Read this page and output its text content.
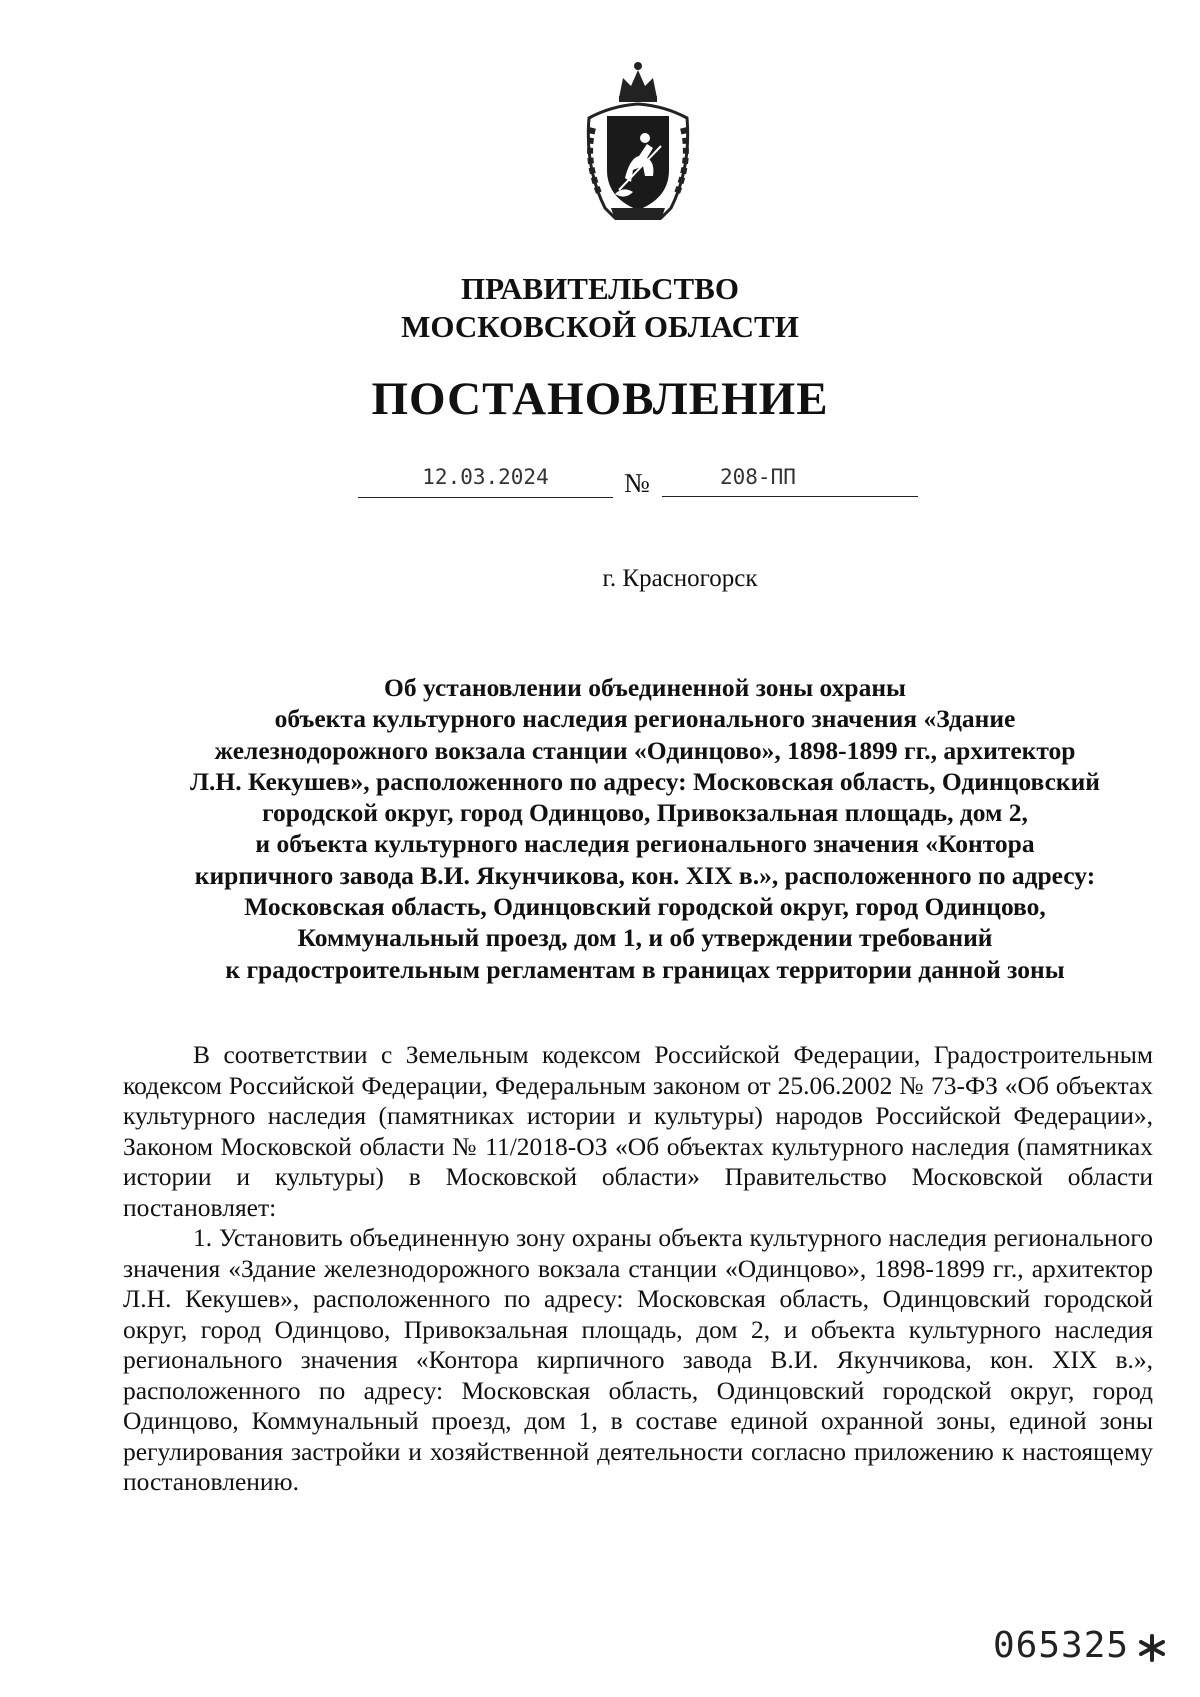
ПРАВИТЕЛЬСТВО
МОСКОВСКОЙ ОБЛАСТИ
ПОСТАНОВЛЕНИЕ
12.03.2024	№	208-ПП
г. Красногорск
Об установлении объединенной зоны охраны
объекта культурного наследия регионального значения «Здание
железнодорожного вокзала станции «Одинцово», 1898-1899 гг., архитектор
Л.Н. Кекушев», расположенного по адресу: Московская область, Одинцовский
городской округ, город Одинцово, Привокзальная площадь, дом 2,
и объекта культурного наследия регионального значения «Контора
кирпичного завода В.И. Якунчикова, кон. XIX в.», расположенного по адресу:
Московская область, Одинцовский городской округ, город Одинцово,
Коммунальный проезд, дом 1, и об утверждении требований
к градостроительным регламентам в границах территории данной зоны

В соответствии с Земельным кодексом Российской Федерации, Градостроительным кодексом Российской Федерации, Федеральным законом от 25.06.2002 № 73-ФЗ «Об объектах культурного наследия (памятниках истории и культуры) народов Российской Федерации», Законом Московской области № 11/2018-ОЗ «Об объектах культурного наследия (памятниках истории и культуры) в Московской области» Правительство Московской области постановляет:

1. Установить объединенную зону охраны объекта культурного наследия регионального значения «Здание железнодорожного вокзала станции «Одинцово», 1898-1899 гг., архитектор Л.Н. Кекушев», расположенного по адресу: Московская область, Одинцовский городской округ, город Одинцово, Привокзальная площадь, дом 2, и объекта культурного наследия регионального значения «Контора кирпичного завода В.И. Якунчикова, кон. XIX в.», расположенного по адресу: Московская область, Одинцовский городской округ, город Одинцово, Коммунальный проезд, дом 1, в составе единой охранной зоны, единой зоны регулирования застройки и хозяйственной деятельности согласно приложению к настоящему постановлению.

065325
